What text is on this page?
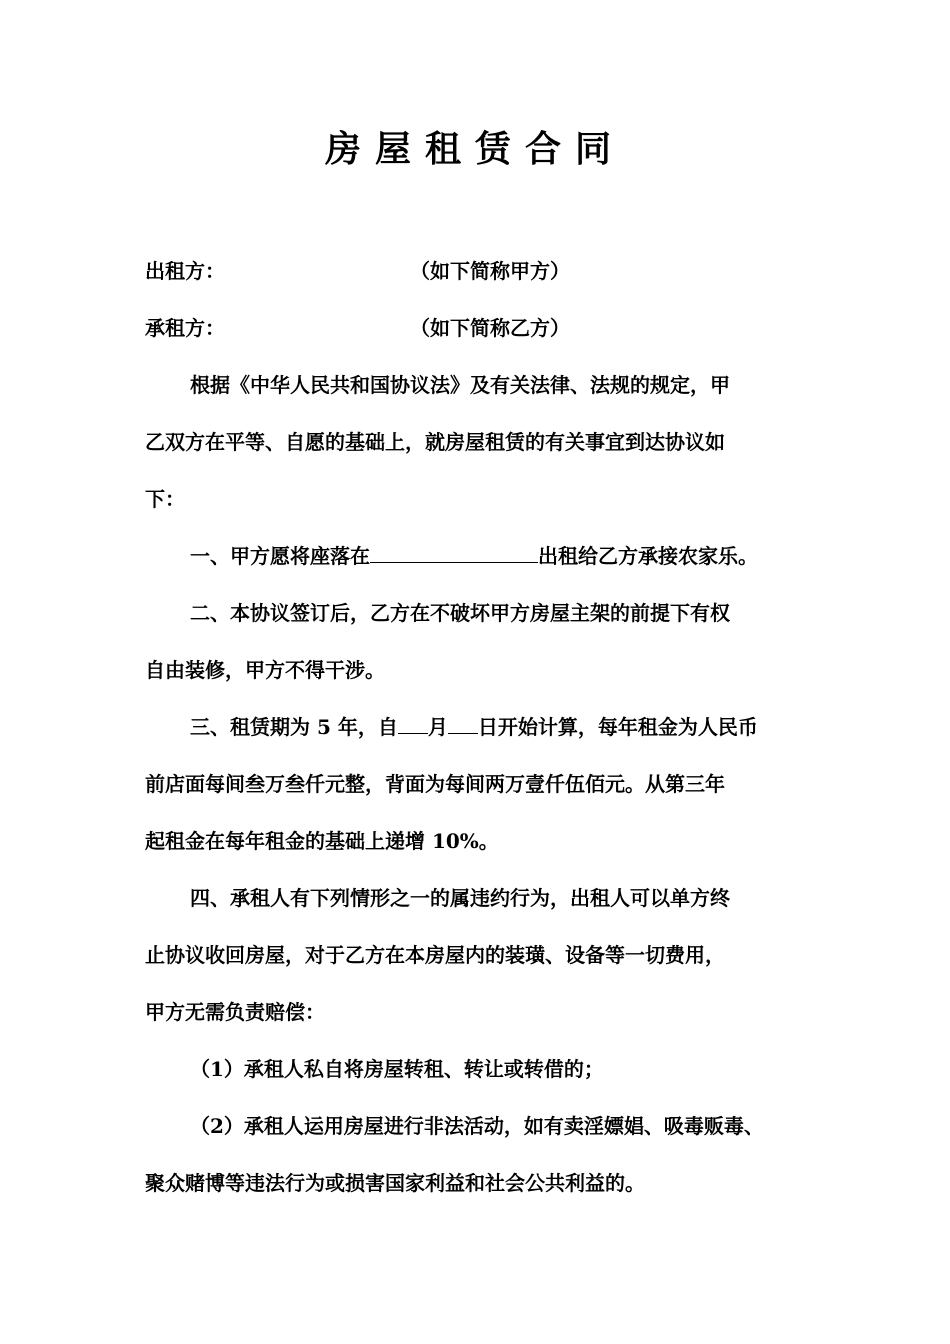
房屋租赁合同
出租方：	（如下简称甲方）
承租方：	（如下简称乙方）
根据《中华人民共和国协议法》及有关法律、法规的规定，甲
乙双方在平等、自愿的基础上，就房屋租赁的有关事宜到达协议如
下：
一、甲方愿将座落在	出租给乙方承接农家乐。
二、本协议签订后，乙方在不破坏甲方房屋主架的前提下有权
自由装修，甲方不得干涉。
三、租赁期为 5 年，自 月 日开始计算，每年租金为人民币
前店面每间叁万叁仟元整，背面为每间两万壹仟伍佰元。从第三年
起租金在每年租金的基础上递增 10%。
四、承租人有下列情形之一的属违约行为，出租人可以单方终
止协议收回房屋，对于乙方在本房屋内的装璜、设备等一切费用，
甲方无需负责赔偿：
（1）承租人私自将房屋转租、转让或转借的；
（2）承租人运用房屋进行非法活动，如有卖淫嫖娼、吸毒贩毒、
聚众赌博等违法行为或损害国家利益和社会公共利益的。
